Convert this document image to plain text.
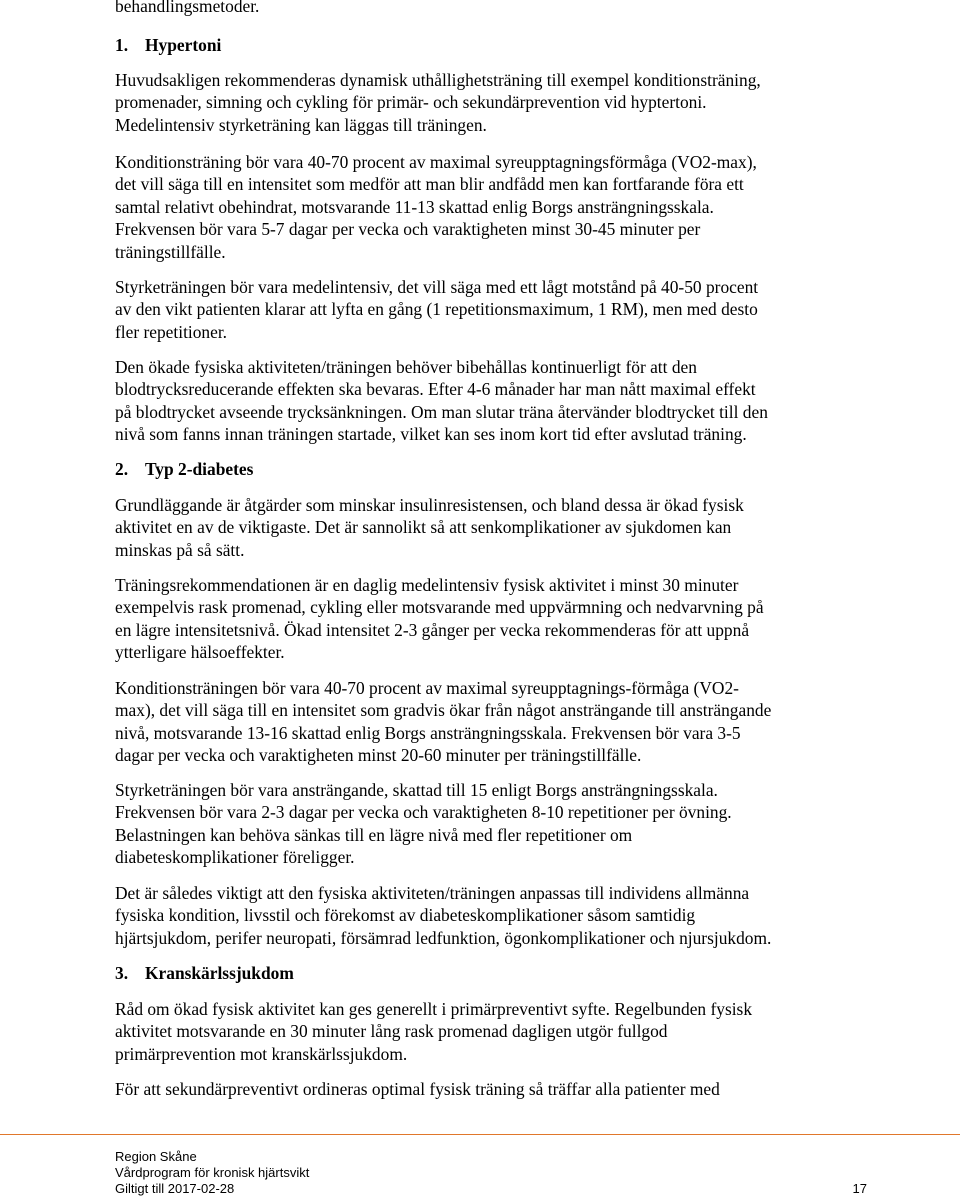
behandlingsmetoder.

1. Hypertoni
Huvudsakligen rekommenderas dynamisk uthållighetsträning till exempel konditionsträning,
promenader, simning och cykling för primär- och sekundärprevention vid hyptertoni.
Medelintensiv styrketräning kan läggas till träningen.
Konditionsträning bör vara 40-70 procent av maximal syreupptagningsförmåga (VO2-max),
det vill säga till en intensitet som medför att man blir andfådd men kan fortfarande föra ett
samtal relativt obehindrat, motsvarande 11-13 skattad enlig Borgs ansträngningsskala.
Frekvensen bör vara 5-7 dagar per vecka och varaktigheten minst 30-45 minuter per
träningstillfälle.
Styrketräningen bör vara medelintensiv, det vill säga med ett lågt motstånd på 40-50 procent
av den vikt patienten klarar att lyfta en gång (1 repetitionsmaximum, 1 RM), men med desto
fler repetitioner.
Den ökade fysiska aktiviteten/träningen behöver bibehållas kontinuerligt för att den
blodtrycksreducerande effekten ska bevaras. Efter 4-6 månader har man nått maximal effekt
på blodtrycket avseende trycksänkningen. Om man slutar träna återvänder blodtrycket till den
nivå som fanns innan träningen startade, vilket kan ses inom kort tid efter avslutad träning.
2. Typ 2-diabetes
Grundläggande är åtgärder som minskar insulinresistensen, och bland dessa är ökad fysisk
aktivitet en av de viktigaste. Det är sannolikt så att senkomplikationer av sjukdomen kan
minskas på så sätt.
Träningsrekommendationen är en daglig medelintensiv fysisk aktivitet i minst 30 minuter
exempelvis rask promenad, cykling eller motsvarande med uppvärmning och nedvarvning på
en lägre intensitetsnivå. Ökad intensitet 2-3 gånger per vecka rekommenderas för att uppnå
ytterligare hälsoeffekter.
Konditionsträningen bör vara 40-70 procent av maximal syreupptagnings-förmåga (VO2-
max), det vill säga till en intensitet som gradvis ökar från något ansträngande till ansträngande
nivå, motsvarande 13-16 skattad enlig Borgs ansträngningsskala. Frekvensen bör vara 3-5
dagar per vecka och varaktigheten minst 20-60 minuter per träningstillfälle.
Styrketräningen bör vara ansträngande, skattad till 15 enligt Borgs ansträngningsskala.
Frekvensen bör vara 2-3 dagar per vecka och varaktigheten 8-10 repetitioner per övning.
Belastningen kan behöva sänkas till en lägre nivå med fler repetitioner om
diabeteskomplikationer föreligger.
Det är således viktigt att den fysiska aktiviteten/träningen anpassas till individens allmänna
fysiska kondition, livsstil och förekomst av diabeteskomplikationer såsom samtidig
hjärtsjukdom, perifer neuropati, försämrad ledfunktion, ögonkomplikationer och njursjukdom.
3. Kranskärlssjukdom
Råd om ökad fysisk aktivitet kan ges generellt i primärpreventivt syfte. Regelbunden fysisk
aktivitet motsvarande en 30 minuter lång rask promenad dagligen utgör fullgod
primärprevention mot kranskärlssjukdom.
För att sekundärpreventivt ordineras optimal fysisk träning så träffar alla patienter med
Region Skåne
Vårdprogram för kronisk hjärtsvikt
Giltigt till 2017-02-28	17
